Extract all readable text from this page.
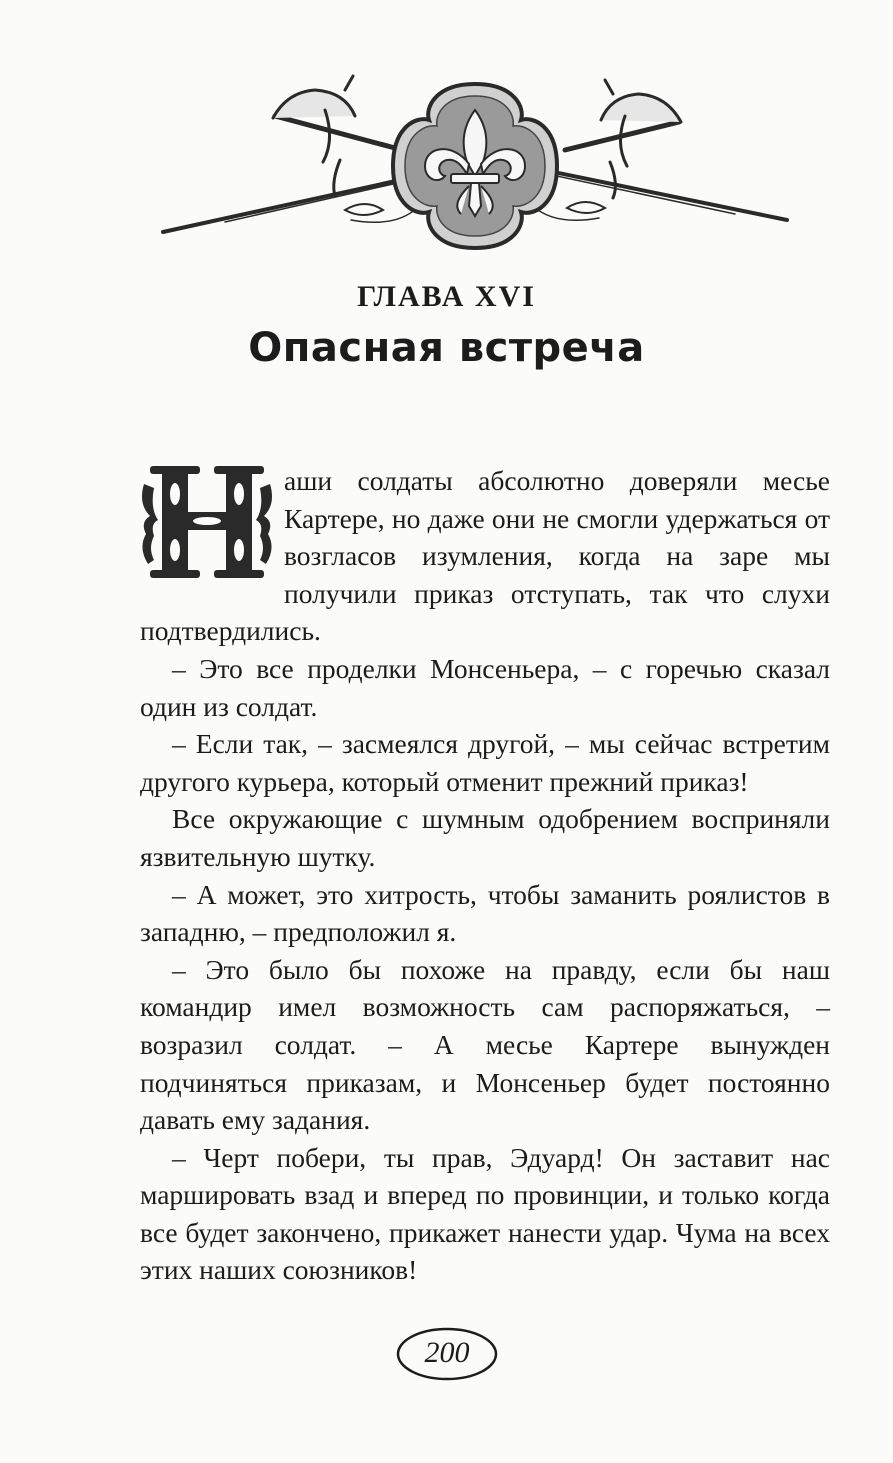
ГЛАВА XVI
Опасная встреча

аши солдаты абсолютно доверяли месье Картере, но даже они не смогли удержаться от возгласов изумления, когда на заре мы получили приказ отступать, так что слухи подтвердились.

– Это все проделки Монсеньера, – с горечью сказал один из солдат.

– Если так, – засмеялся другой, – мы сейчас встретим другого курьера, который отменит прежний приказ!

Все окружающие с шумным одобрением восприняли язвительную шутку.

– А может, это хитрость, чтобы заманить роялистов в западню, – предположил я.

– Это было бы похоже на правду, если бы наш командир имел возможность сам распоряжаться, – возразил солдат. – А месье Картере вынужден подчиняться приказам, и Монсеньер будет постоянно давать ему задания.

– Черт побери, ты прав, Эдуард! Он заставит нас маршировать взад и вперед по провинции, и только когда все будет закончено, прикажет нанести удар. Чума на всех этих наших союзников!

200
